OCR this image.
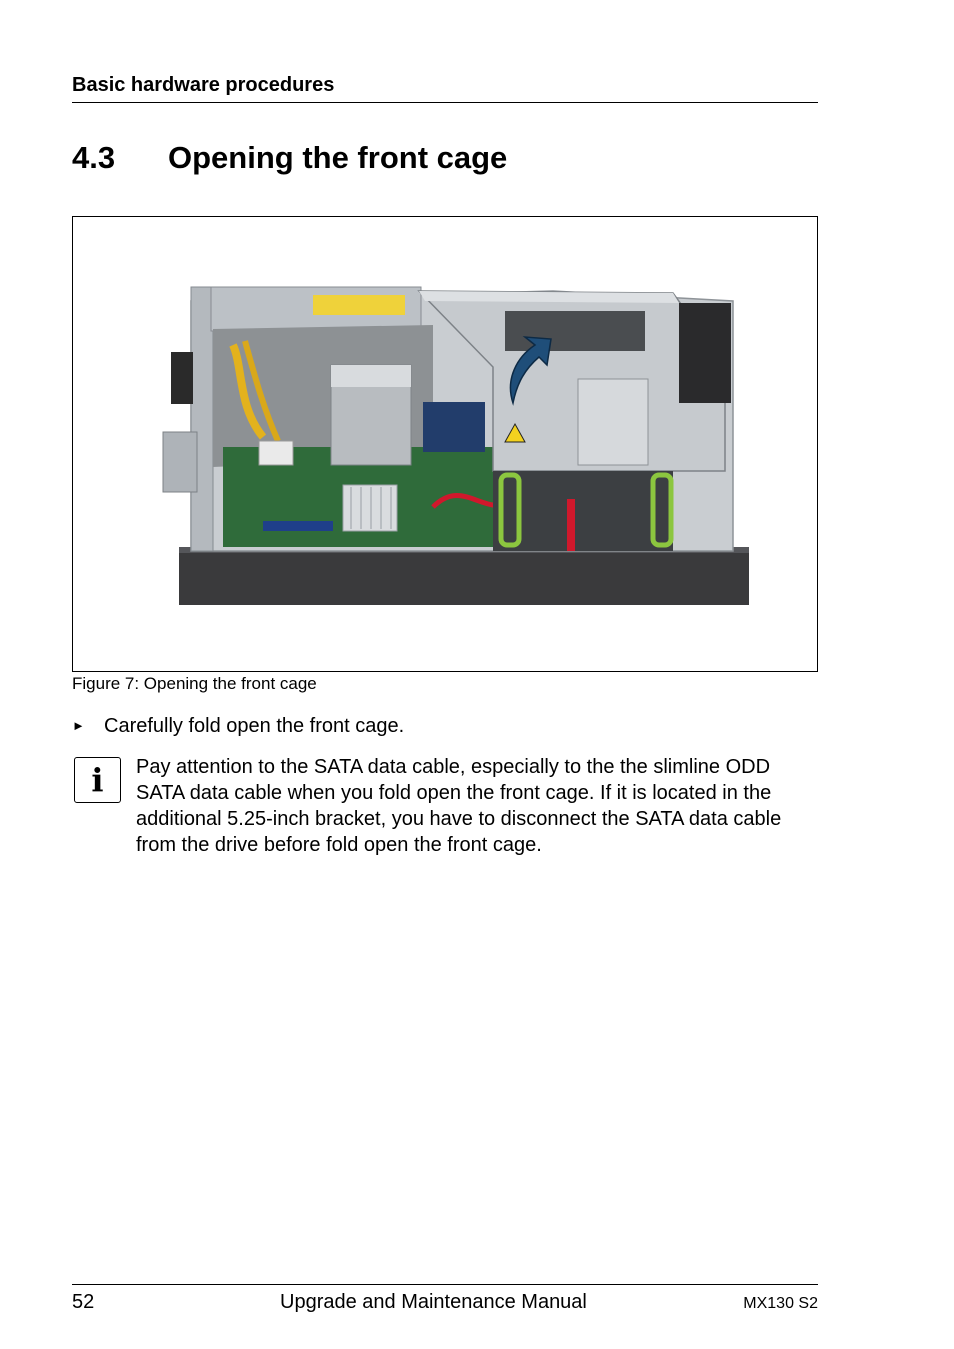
Basic hardware procedures
4.3 Opening the front cage
Figure 7: Opening the front cage
► Carefully fold open the front cage.
i	Pay attention to the SATA data cable, especially to the the slimline ODD SATA data cable when you fold open the front cage. If it is located in the additional 5.25-inch bracket, you have to disconnect the SATA data cable from the drive before fold open the front cage.
52	Upgrade and Maintenance Manual	MX130 S2
